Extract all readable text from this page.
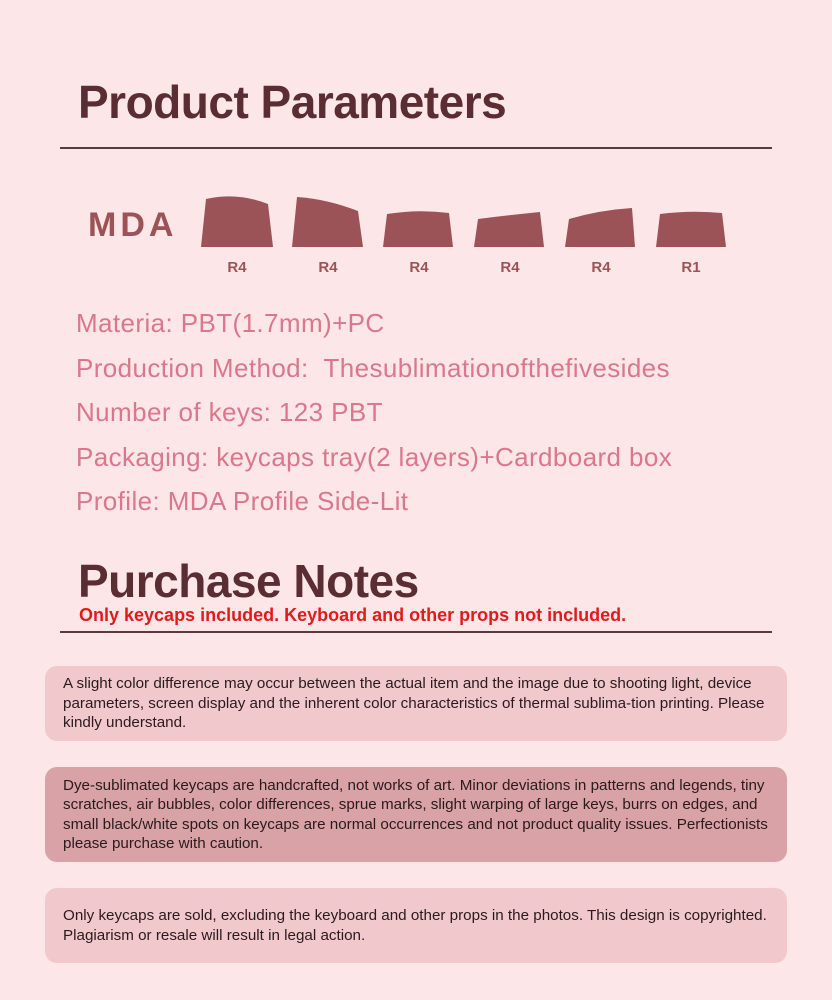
Product Parameters
MDA
R4	R4	R4	R4	R4	R1
Materia: PBT(1.7mm)+PC
Production Method:  Thesublimationofthefivesides
Number of keys: 123 PBT
Packaging: keycaps tray(2 layers)+Cardboard box
Profile: MDA Profile Side-Lit
Purchase Notes
Only keycaps included. Keyboard and other props not included.
A slight color difference may occur between the actual item and the image due to shooting light, device parameters, screen display and the inherent color characteristics of thermal sublima-tion printing. Please kindly understand.
Dye-sublimated keycaps are handcrafted, not works of art. Minor deviations in patterns and legends, tiny scratches, air bubbles, color differences, sprue marks, slight warping of large keys, burrs on edges, and small black/white spots on keycaps are normal occurrences and not product quality issues. Perfectionists please purchase with caution.
Only keycaps are sold, excluding the keyboard and other props in the photos. This design is copyrighted. Plagiarism or resale will result in legal action.
